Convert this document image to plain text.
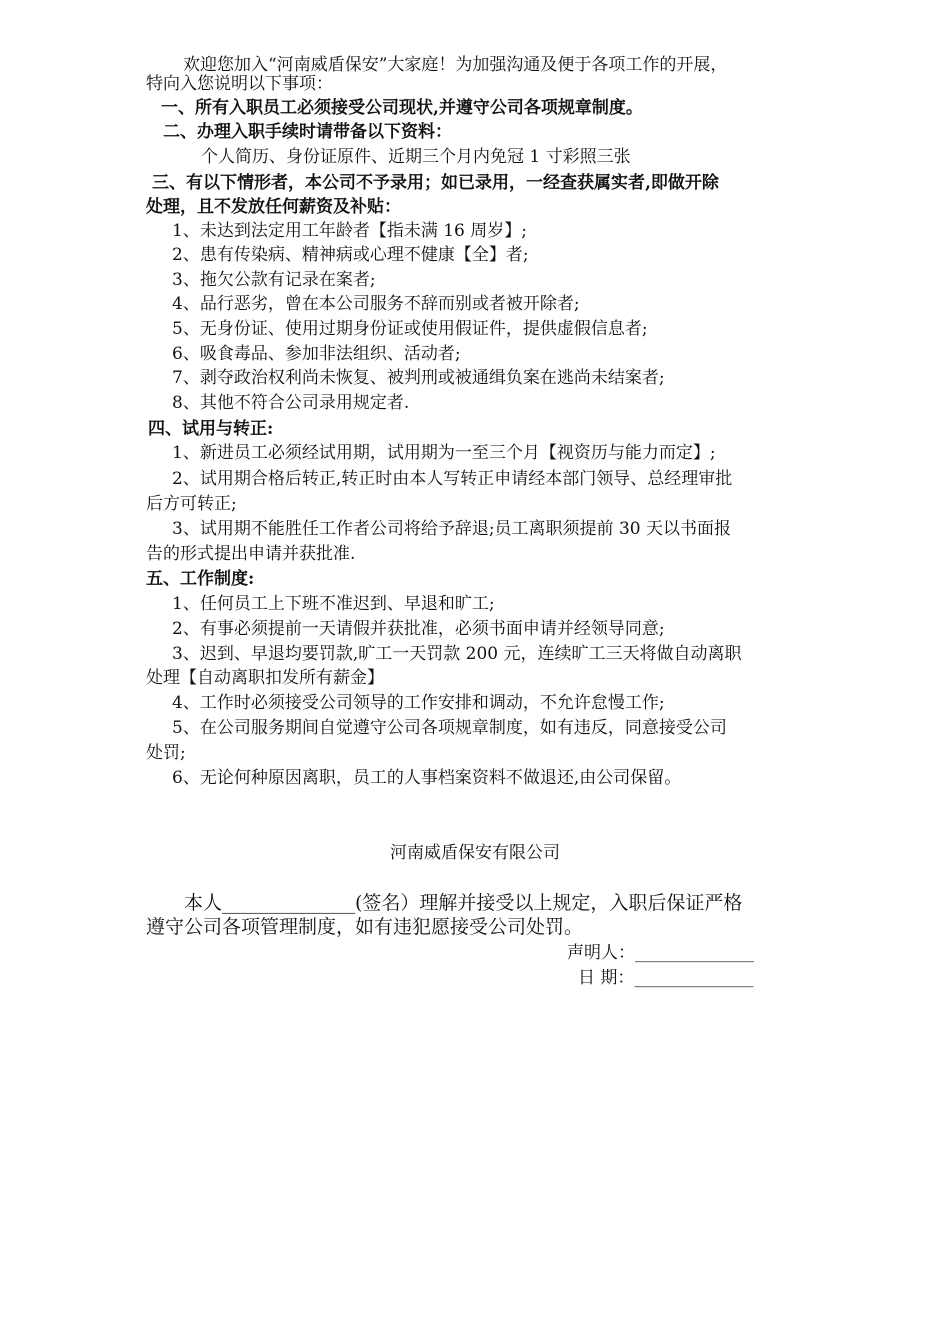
欢迎您加入“河南威盾保安”大家庭！为加强沟通及便于各项工作的开展，
特向入您说明以下事项：
一、所有入职员工必须接受公司现状,并遵守公司各项规章制度。
二、办理入职手续时请带备以下资料：
个人简历、身份证原件、近期三个月内免冠 1 寸彩照三张
三、有以下情形者，本公司不予录用；如已录用，一经查获属实者,即做开除
处理，且不发放任何薪资及补贴：
1、未达到法定用工年龄者【指未满 16 周岁】;
2、患有传染病、精神病或心理不健康【全】者;
3、拖欠公款有记录在案者;
4、品行恶劣，曾在本公司服务不辞而别或者被开除者;
5、无身份证、使用过期身份证或使用假证件，提供虚假信息者;
6、吸食毒品、参加非法组织、活动者;
7、剥夺政治权利尚未恢复、被判刑或被通缉负案在逃尚未结案者;
8、其他不符合公司录用规定者.
四、试用与转正:
1、新进员工必须经试用期，试用期为一至三个月【视资历与能力而定】;
2、试用期合格后转正,转正时由本人写转正申请经本部门领导、总经理审批
后方可转正;
3、试用期不能胜任工作者公司将给予辞退;员工离职须提前 30 天以书面报
告的形式提出申请并获批准.
五、工作制度:
1、任何员工上下班不准迟到、早退和旷工;
2、有事必须提前一天请假并获批准，必须书面申请并经领导同意;
3、迟到、早退均要罚款,旷工一天罚款 200 元，连续旷工三天将做自动离职
处理【自动离职扣发所有薪金】
4、工作时必须接受公司领导的工作安排和调动，不允许怠慢工作;
5、在公司服务期间自觉遵守公司各项规章制度，如有违反，同意接受公司
处罚;
6、无论何种原因离职，员工的人事档案资料不做退还,由公司保留。
河南威盾保安有限公司
本人______________(签名）理解并接受以上规定，入职后保证严格
遵守公司各项管理制度，如有违犯愿接受公司处罚。
声明人：______________
日 期：______________
